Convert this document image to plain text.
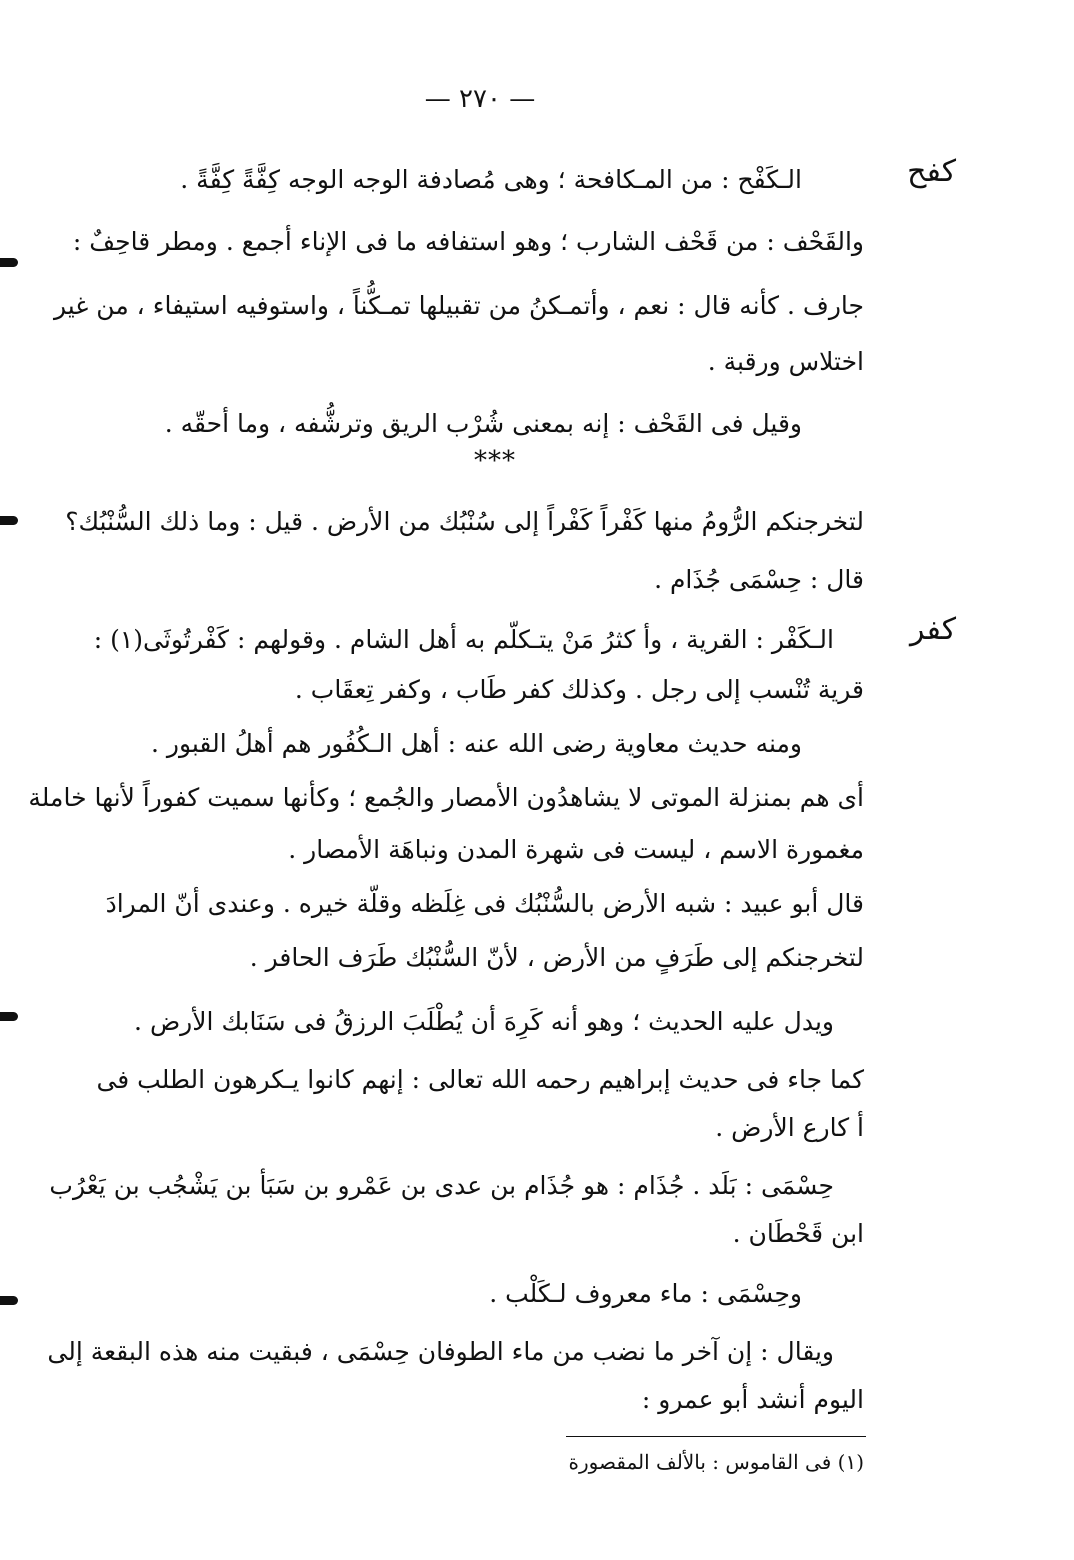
— ٢٧٠ —
كفح
كفر
الـكَفْح : من المـكافحة ؛ وهى مُصادفة الوجه الوجه كِفَّةً كِفَّةً .
والقَحْف : من قَحْف الشارب ؛ وهو استفافه ما فى الإناء أجمع . ومطر قاحِفٌ :
جارف . كأنه قال : نعم ، وأتمـكنُ من تقبيلها تمـكُّناً ، واستوفيه استيفاء ، من غير
اختلاس ورقبة .
وقيل فى القَحْف : إنه بمعنى شُرْب الريق وترشُّفه ، وما أحقّه .
***
لتخرجنكم الرُّومُ منها كَفْراً كَفْراً إلى سُنْبُك من الأرض . قيل : وما ذلك السُّنْبُك؟
قال : حِسْمَى جُذَام .
الـكَفْر : القرية ، وأ كثرُ مَنْ يتـكلّم به أهل الشام . وقولهم : كَفْرتُوثَى(١) :
قرية تُنْسب إلى رجل . وكذلك كفر طَاب ، وكفر تِعقَاب .
ومنه حديث معاوية رضى الله عنه : أهل الـكُفُور هم أهلُ القبور .
أى هم بمنزلة الموتى لا يشاهدُون الأمصار والجُمع ؛ وكأنها سميت كفوراً لأنها خاملة
مغمورة الاسم ، ليست فى شهرة المدن ونباهَة الأمصار .
قال أبو عبيد : شبه الأرض بالسُّنْبُك فى غِلَظه وقلّة خيره . وعندى أنّ المرادَ
لتخرجنكم إلى طَرَفٍ من الأرض ، لأنّ السُّنْبُك طَرَف الحافر .
ويدل عليه الحديث ؛ وهو أنه كَرِهَ أن يُطْلَبَ الرزقُ فى سَنَابك الأرض .
كما جاء فى حديث إبراهيم رحمه الله تعالى : إنهم كانوا يـكرهون الطلب فى
أ كارع الأرض .
حِسْمَى : بَلَد . جُذَام : هو جُذَام بن عدى بن عَمْرو بن سَبَأ بن يَشْجُب بن يَعْرُب
ابن قَحْطَان .
وحِسْمَى : ماء معروف لـكَلْب .
ويقال : إن آخر ما نضب من ماء الطوفان حِسْمَى ، فبقيت منه هذه البقعة إلى
اليوم أنشد أبو عمرو :
(١) فى القاموس : بالألف المقصورة
